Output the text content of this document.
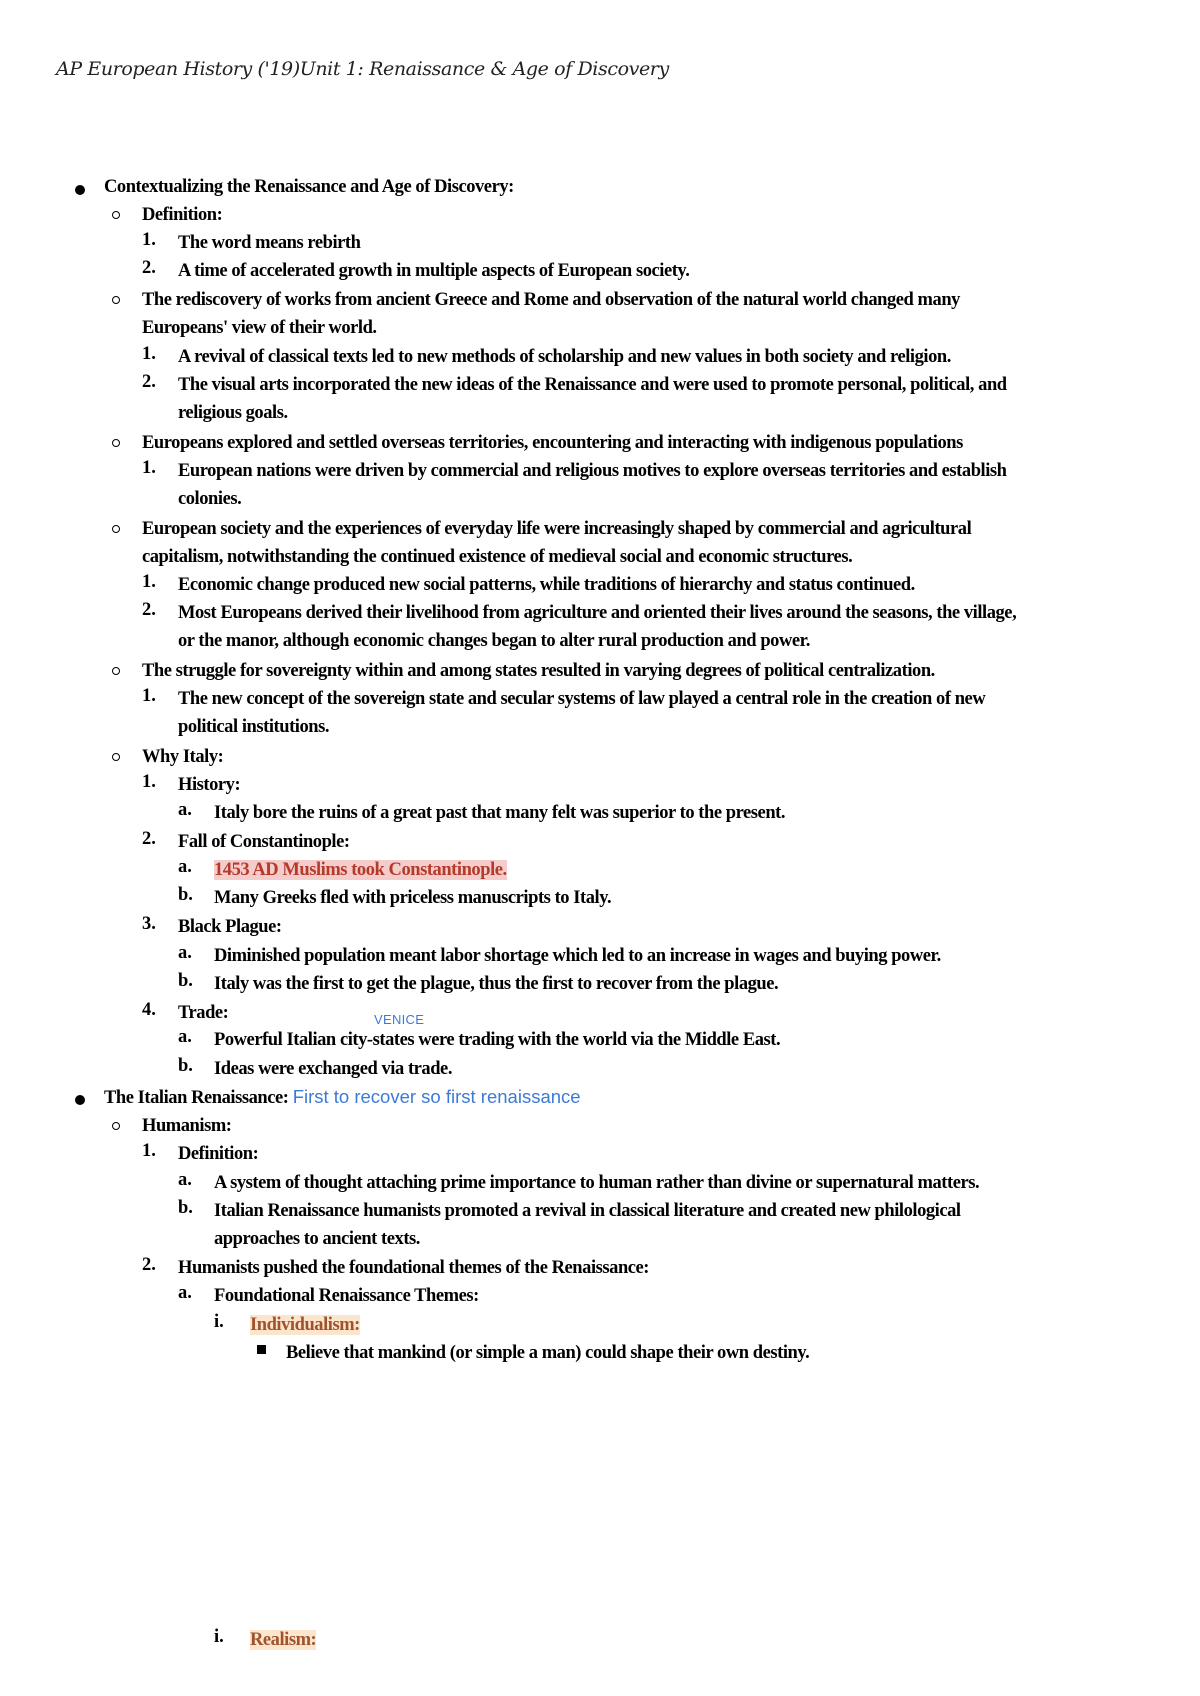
AP European History ('19)Unit 1: Renaissance & Age of Discovery
Contextualizing the Renaissance and Age of Discovery:
Definition:
1. The word means rebirth
2. A time of accelerated growth in multiple aspects of European society.
The rediscovery of works from ancient Greece and Rome and observation of the natural world changed many
Europeans' view of their world.
1. A revival of classical texts led to new methods of scholarship and new values in both society and religion.
2. The visual arts incorporated the new ideas of the Renaissance and were used to promote personal, political, and
religious goals.
Europeans explored and settled overseas territories, encountering and interacting with indigenous populations
1. European nations were driven by commercial and religious motives to explore overseas territories and establish
colonies.
European society and the experiences of everyday life were increasingly shaped by commercial and agricultural
capitalism, notwithstanding the continued existence of medieval social and economic structures.
1. Economic change produced new social patterns, while traditions of hierarchy and status continued.
2. Most Europeans derived their livelihood from agriculture and oriented their lives around the seasons, the village,
or the manor, although economic changes began to alter rural production and power.
The struggle for sovereignty within and among states resulted in varying degrees of political centralization.
1. The new concept of the sovereign state and secular systems of law played a central role in the creation of new
political institutions.
Why Italy:
1. History:
a. Italy bore the ruins of a great past that many felt was superior to the present.
2. Fall of Constantinople:
a. 1453 AD Muslims took Constantinople.
b. Many Greeks fled with priceless manuscripts to Italy.
3. Black Plague:
a. Diminished population meant labor shortage which led to an increase in wages and buying power.
b. Italy was the first to get the plague, thus the first to recover from the plague.
4. Trade:	VENICE
a. Powerful Italian city-states were trading with the world via the Middle East.
b. Ideas were exchanged via trade.
The Italian Renaissance: First to recover so first renaissance
Humanism:
1. Definition:
a. A system of thought attaching prime importance to human rather than divine or supernatural matters.
b. Italian Renaissance humanists promoted a revival in classical literature and created new philological
approaches to ancient texts.
2. Humanists pushed the foundational themes of the Renaissance:
a. Foundational Renaissance Themes:
i. Individualism:
Believe that mankind (or simple a man) could shape their own destiny.
i. Realism:
